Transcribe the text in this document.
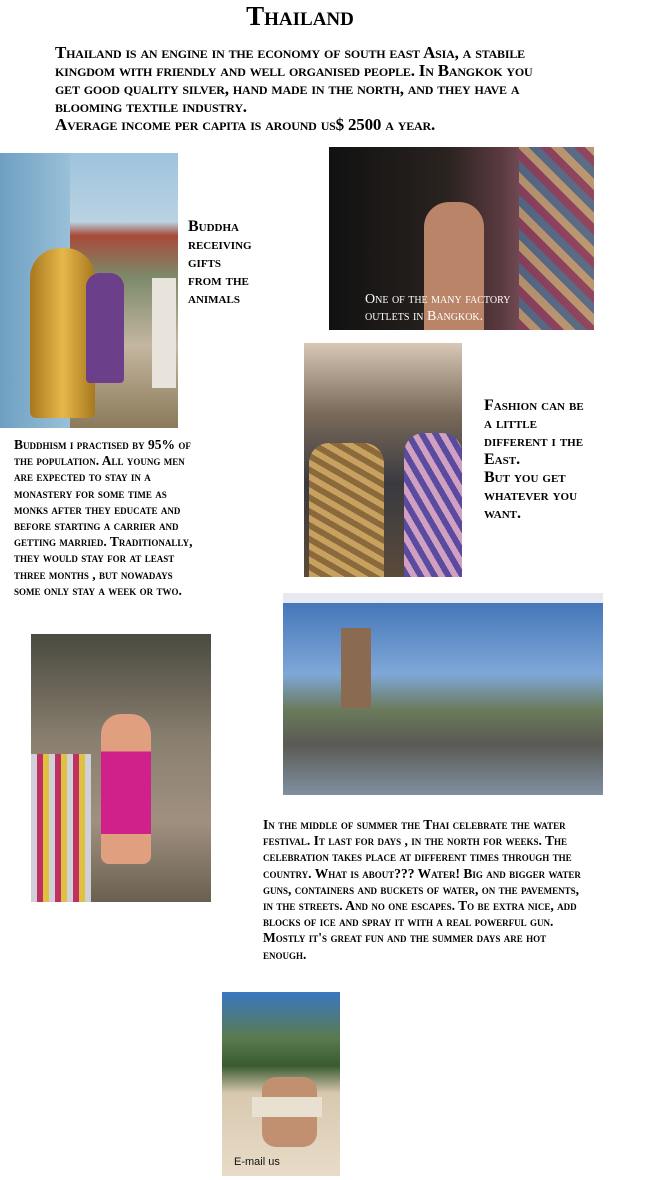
Thailand
Thailand is an engine in the economy of south east Asia, a stabile
kingdom with friendly and well organised people. In Bangkok you
get good quality silver, hand made in the north, and they have a
blooming textile industry.
Average income per capita is around us$ 2500 a year.
Buddha
receiving
gifts
from the
animals	One of the many factory
outlets in Bangkok.
Buddhism i practised by 95% of
the population. All young men
are expected to stay in a
monastery for some time as
monks after they educate and
before starting a carrier and
getting married. Traditionally,
they would stay for at least
three months , but nowadays
some only stay a week or two.
Fashion can be
a little
different i the
East.
But you get
whatever you
want.
In the middle of summer the Thai celebrate the water
festival. It last for days , in the north for weeks. The
celebration takes place at different times through the
country. What is about??? Water! Big and bigger water
guns, containers and buckets of water, on the pavements,
in the streets. And no one escapes. To be extra nice, add
blocks of ice and spray it with a real powerful gun.
Mostly it's great fun and the summer days are hot
enough.
E-mail us
